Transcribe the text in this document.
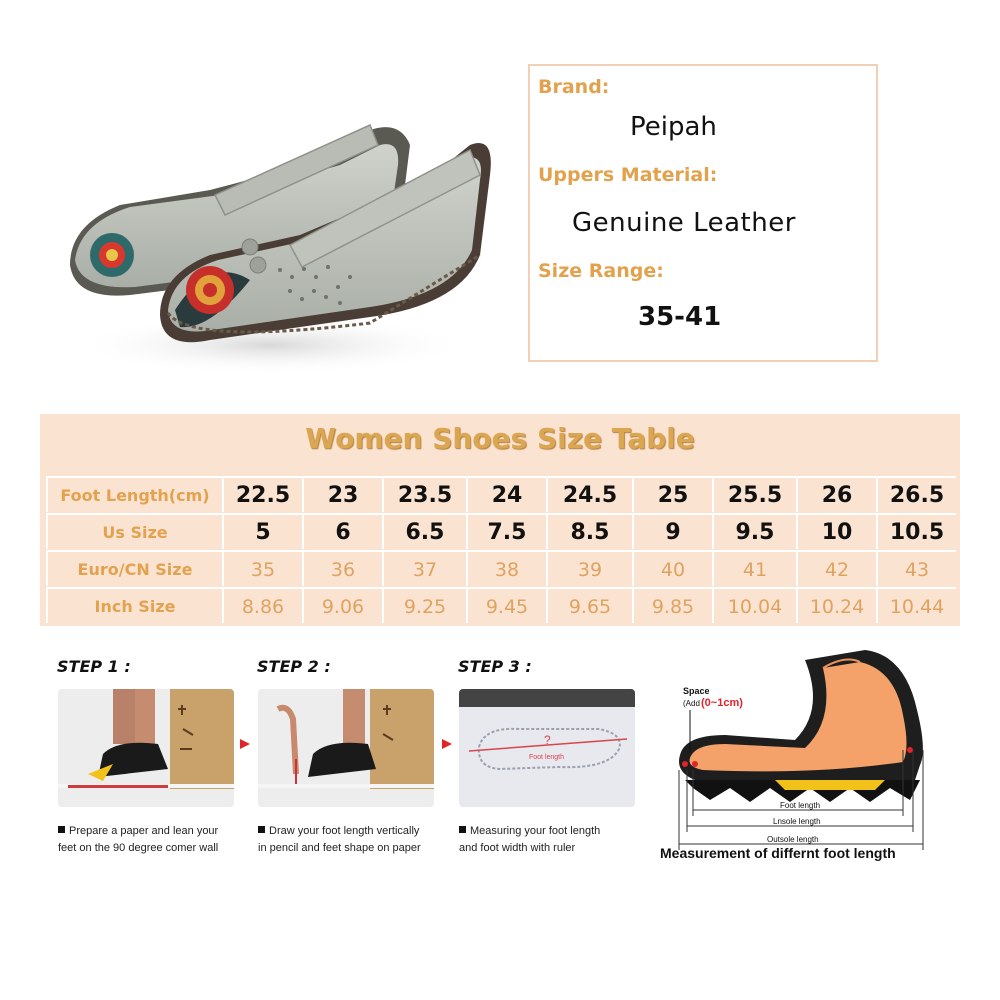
Brand:
Peipah
Uppers Material:
Genuine Leather
Size Range:
35-41
Women Shoes Size Table
Foot Length(cm)	22.5	23	23.5	24	24.5	25	25.5	26	26.5
Us Size	5	6	6.5	7.5	8.5	9	9.5	10	10.5
Euro/CN Size	35	36	37	38	39	40	41	42	43
Inch Size	8.86	9.06	9.25	9.45	9.65	9.85	10.04	10.24	10.44
STEP 1 :	STEP 2 :	STEP 3 :
?
Foot length
Prepare a paper and lean your
feet on the 90 degree comer wall
Draw your foot length vertically
in pencil and feet shape on paper
Measuring your foot length
and foot width with ruler
Foot length
Lnsole length
Outsole length
Space
(Add (0~1cm)
Measurement of differnt foot length
